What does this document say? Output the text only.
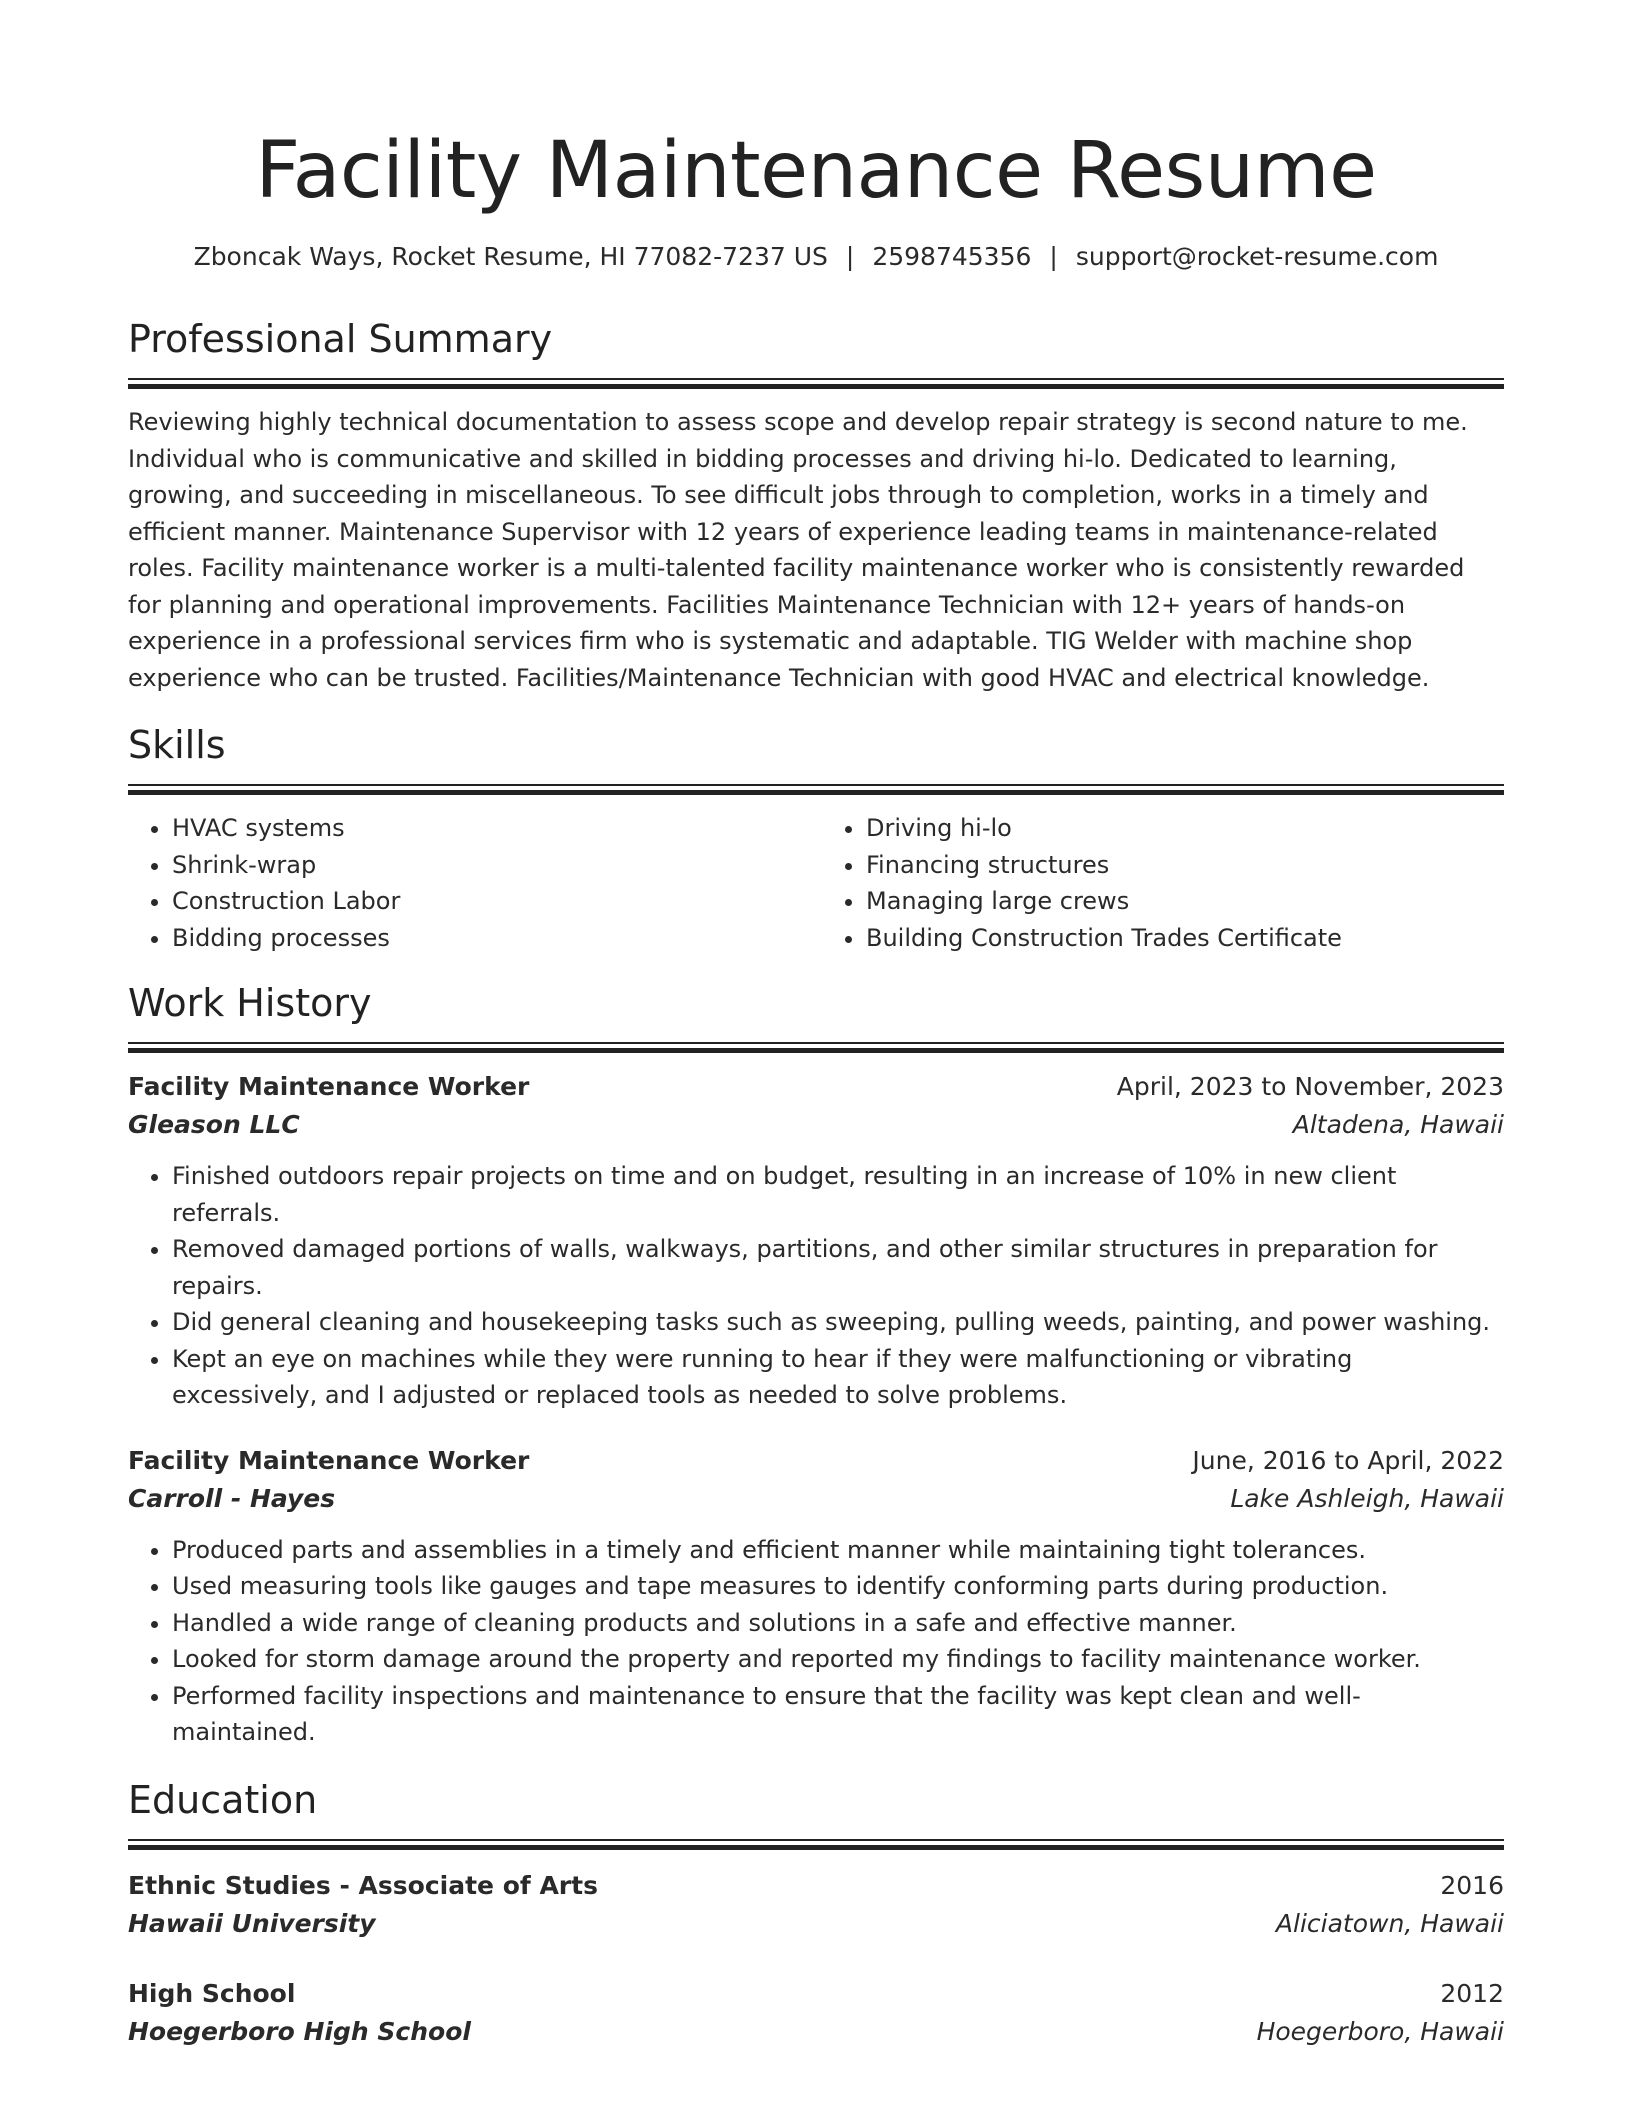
Facility Maintenance Resume
Zboncak Ways, Rocket Resume, HI 77082-7237 US | 2598745356 | support@rocket-resume.com
Professional Summary

Reviewing highly technical documentation to assess scope and develop repair strategy is second nature to me. Individual who is communicative and skilled in bidding processes and driving hi-lo. Dedicated to learning, growing, and succeeding in miscellaneous. To see difficult jobs through to completion, works in a timely and efficient manner. Maintenance Supervisor with 12 years of experience leading teams in maintenance-related roles. Facility maintenance worker is a multi-talented facility maintenance worker who is consistently rewarded for planning and operational improvements. Facilities Maintenance Technician with 12+ years of hands-on experience in a professional services firm who is systematic and adaptable. TIG Welder with machine shop experience who can be trusted. Facilities/Maintenance Technician with good HVAC and electrical knowledge.

Skills
• HVAC systems
• Shrink-wrap
• Construction Labor
• Bidding processes
• Driving hi-lo
• Financing structures
• Managing large crews
• Building Construction Trades Certificate
Work History
Facility Maintenance Worker	April, 2023 to November, 2023
Gleason LLC	Altadena, Hawaii
• Finished outdoors repair projects on time and on budget, resulting in an increase of 10% in new client referrals.
• Removed damaged portions of walls, walkways, partitions, and other similar structures in preparation for repairs.
• Did general cleaning and housekeeping tasks such as sweeping, pulling weeds, painting, and power washing.
• Kept an eye on machines while they were running to hear if they were malfunctioning or vibrating excessively, and I adjusted or replaced tools as needed to solve problems.
Facility Maintenance Worker	June, 2016 to April, 2022
Carroll - Hayes	Lake Ashleigh, Hawaii
• Produced parts and assemblies in a timely and efficient manner while maintaining tight tolerances.
• Used measuring tools like gauges and tape measures to identify conforming parts during production.
• Handled a wide range of cleaning products and solutions in a safe and effective manner.
• Looked for storm damage around the property and reported my findings to facility maintenance worker.
• Performed facility inspections and maintenance to ensure that the facility was kept clean and well-maintained.
Education
Ethnic Studies - Associate of Arts	2016
Hawaii University	Aliciatown, Hawaii
High School	2012
Hoegerboro High School	Hoegerboro, Hawaii
